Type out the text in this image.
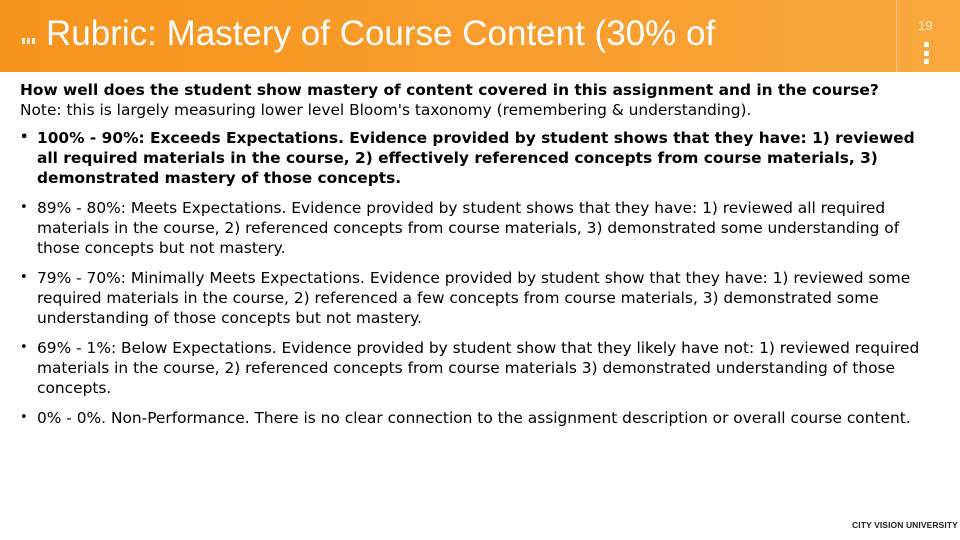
Rubric: Mastery of Course Content (30% of	19
How well does the student show mastery of content covered in this assignment and in the course?
Note: this is largely measuring lower level Bloom's taxonomy (remembering & understanding).
• 100% - 90%: Exceeds Expectations. Evidence provided by student shows that they have: 1) reviewed all required materials in the course, 2) effectively referenced concepts from course materials, 3) demonstrated mastery of those concepts.
• 89% - 80%: Meets Expectations. Evidence provided by student shows that they have: 1) reviewed all required materials in the course, 2) referenced concepts from course materials, 3) demonstrated some understanding of those concepts but not mastery.
• 79% - 70%: Minimally Meets Expectations. Evidence provided by student show that they have: 1) reviewed some required materials in the course, 2) referenced a few concepts from course materials, 3) demonstrated some understanding of those concepts but not mastery.
• 69% - 1%: Below Expectations. Evidence provided by student show that they likely have not: 1) reviewed required materials in the course, 2) referenced concepts from course materials 3) demonstrated understanding of those concepts.
• 0% - 0%. Non-Performance. There is no clear connection to the assignment description or overall course content.
CITY VISION UNIVERSITY
